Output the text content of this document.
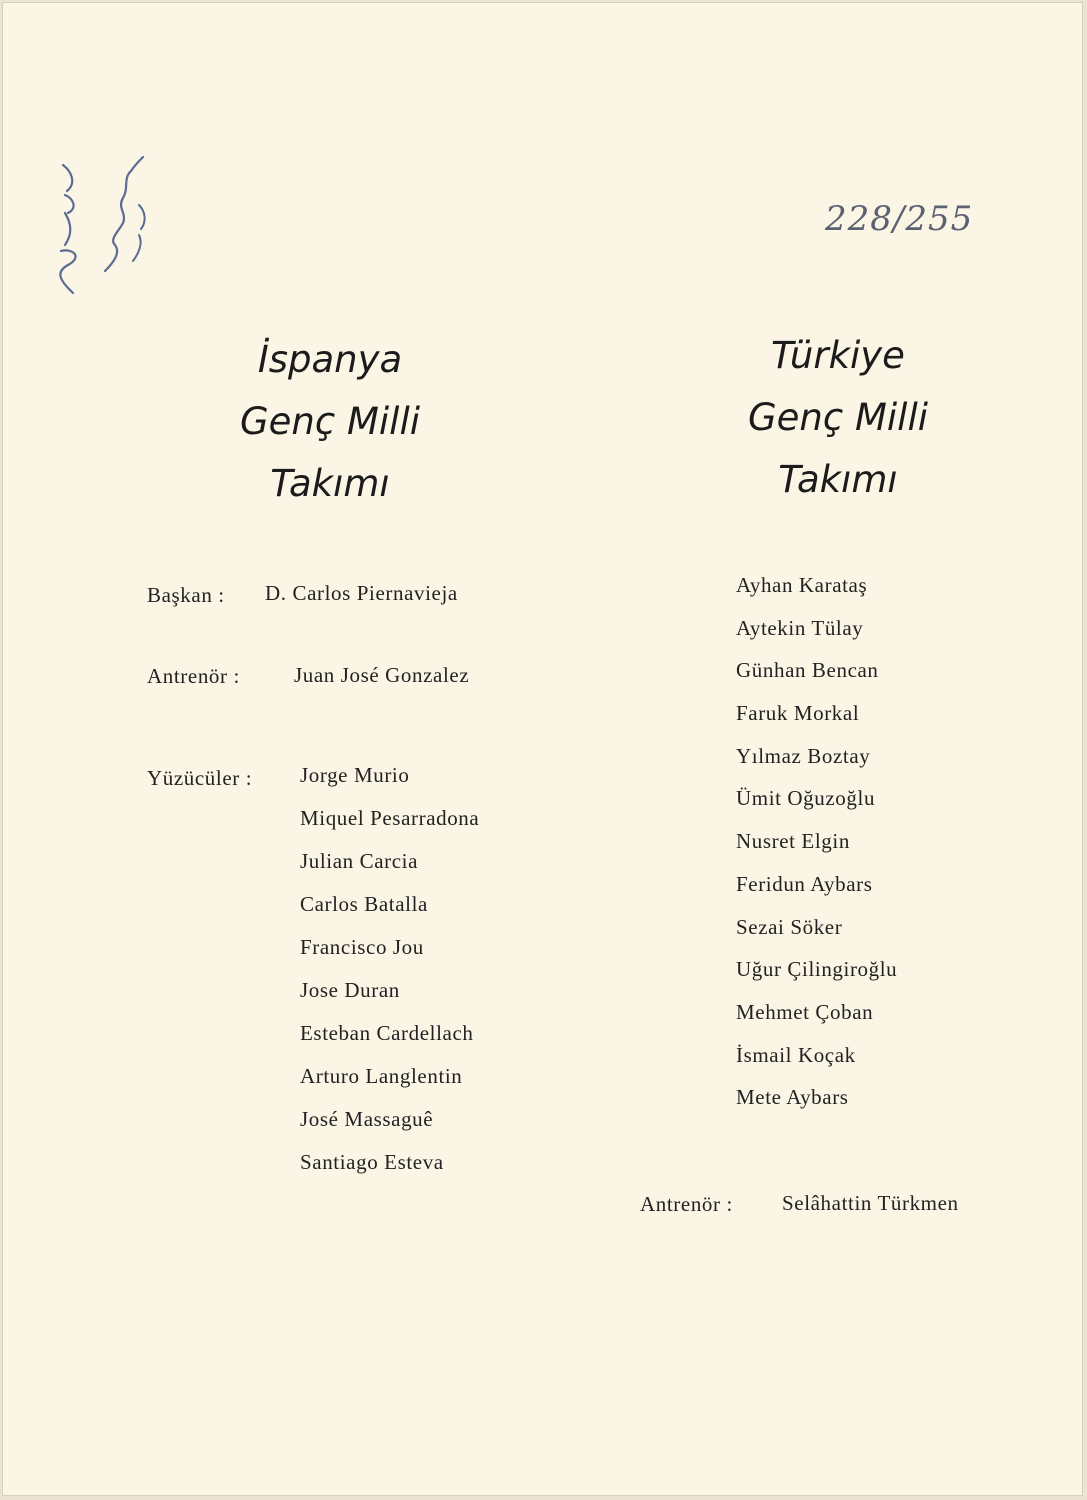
228/255
İspanya
Genç Milli
Takımı
Türkiye
Genç Milli
Takımı
Başkan : D. Carlos Piernavieja
Antrenör :	Juan José Gonzalez
Yüzücüler : Jorge Murio
Miquel Pesarradona
Julian Carcia
Carlos Batalla
Francisco Jou
Jose Duran
Esteban Cardellach
Arturo Langlentin
José Massaguê
Santiago Esteva
Ayhan Karataş
Aytekin Tülay
Günhan Bencan
Faruk Morkal
Yılmaz Boztay
Ümit Oğuzoğlu
Nusret Elgin
Feridun Aybars
Sezai Söker
Uğur Çilingiroğlu
Mehmet Çoban
İsmail Koçak
Mete Aybars
Antrenör : Selâhattin Türkmen
